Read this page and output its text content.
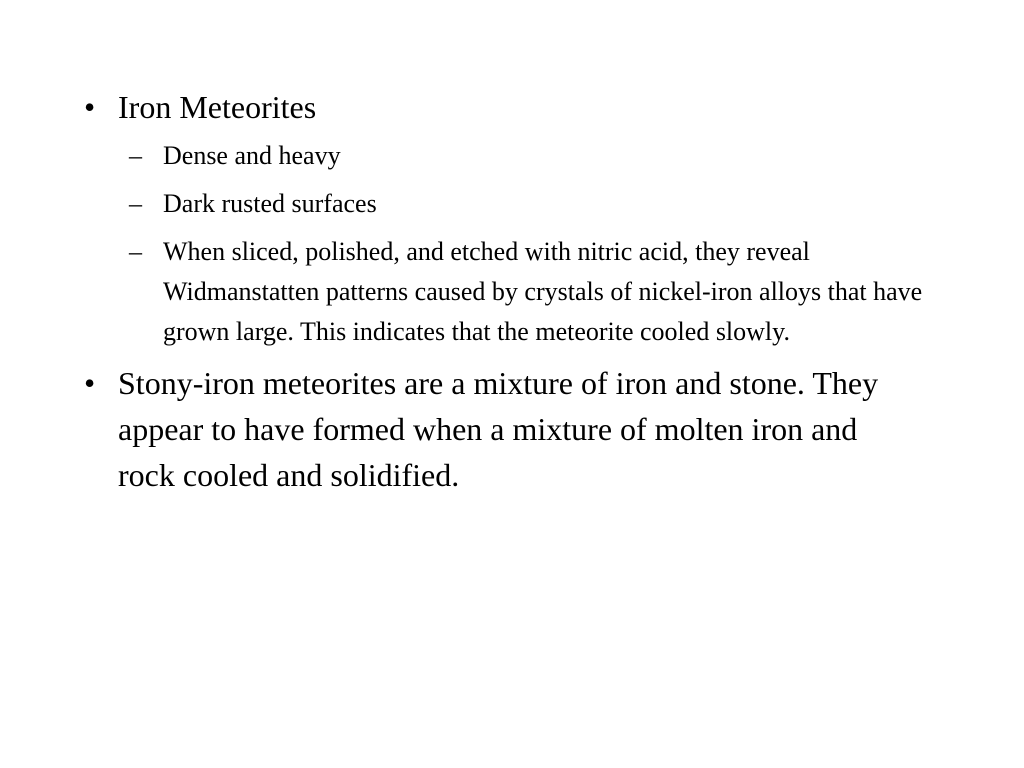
• Iron Meteorites
– Dense and heavy
– Dark rusted surfaces
– When sliced, polished, and etched with nitric acid, they reveal Widmanstatten patterns caused by crystals of nickel-iron alloys that have grown large. This indicates that the meteorite cooled slowly.
• Stony-iron meteorites are a mixture of iron and stone. They appear to have formed when a mixture of molten iron and rock cooled and solidified.
